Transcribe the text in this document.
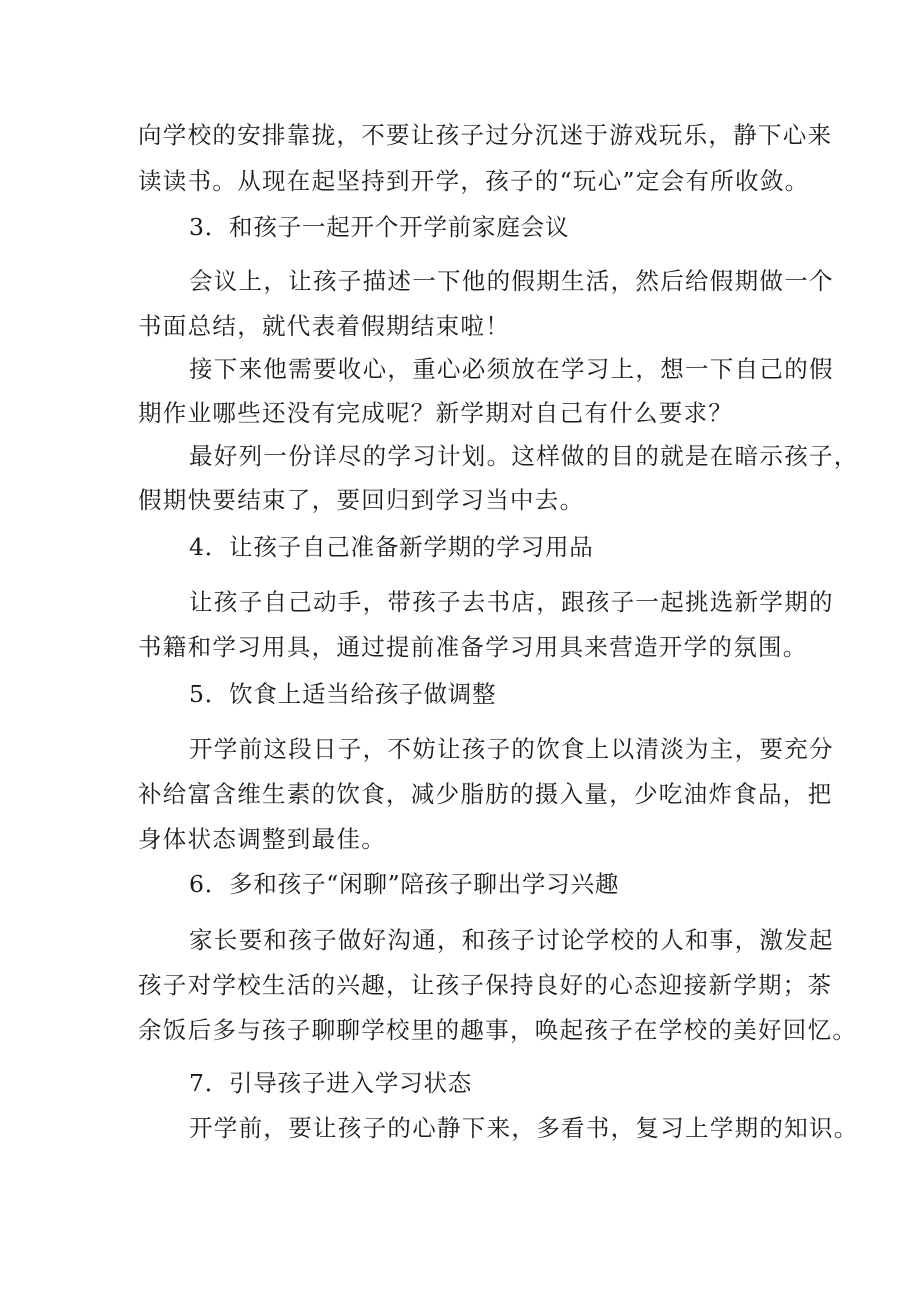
向学校的安排靠拢，不要让孩子过分沉迷于游戏玩乐，静下心来
读读书。从现在起坚持到开学，孩子的“玩心”定会有所收敛。
3．和孩子一起开个开学前家庭会议
会议上，让孩子描述一下他的假期生活，然后给假期做一个
书面总结，就代表着假期结束啦！
接下来他需要收心，重心必须放在学习上，想一下自己的假
期作业哪些还没有完成呢？新学期对自己有什么要求？
最好列一份详尽的学习计划。这样做的目的就是在暗示孩子，
假期快要结束了，要回归到学习当中去。
4．让孩子自己准备新学期的学习用品
让孩子自己动手，带孩子去书店，跟孩子一起挑选新学期的
书籍和学习用具，通过提前准备学习用具来营造开学的氛围。
5．饮食上适当给孩子做调整
开学前这段日子，不妨让孩子的饮食上以清淡为主，要充分
补给富含维生素的饮食，减少脂肪的摄入量，少吃油炸食品，把
身体状态调整到最佳。
6．多和孩子“闲聊”陪孩子聊出学习兴趣
家长要和孩子做好沟通，和孩子讨论学校的人和事，激发起
孩子对学校生活的兴趣，让孩子保持良好的心态迎接新学期；茶
余饭后多与孩子聊聊学校里的趣事，唤起孩子在学校的美好回忆。
7．引导孩子进入学习状态
开学前，要让孩子的心静下来，多看书，复习上学期的知识。
